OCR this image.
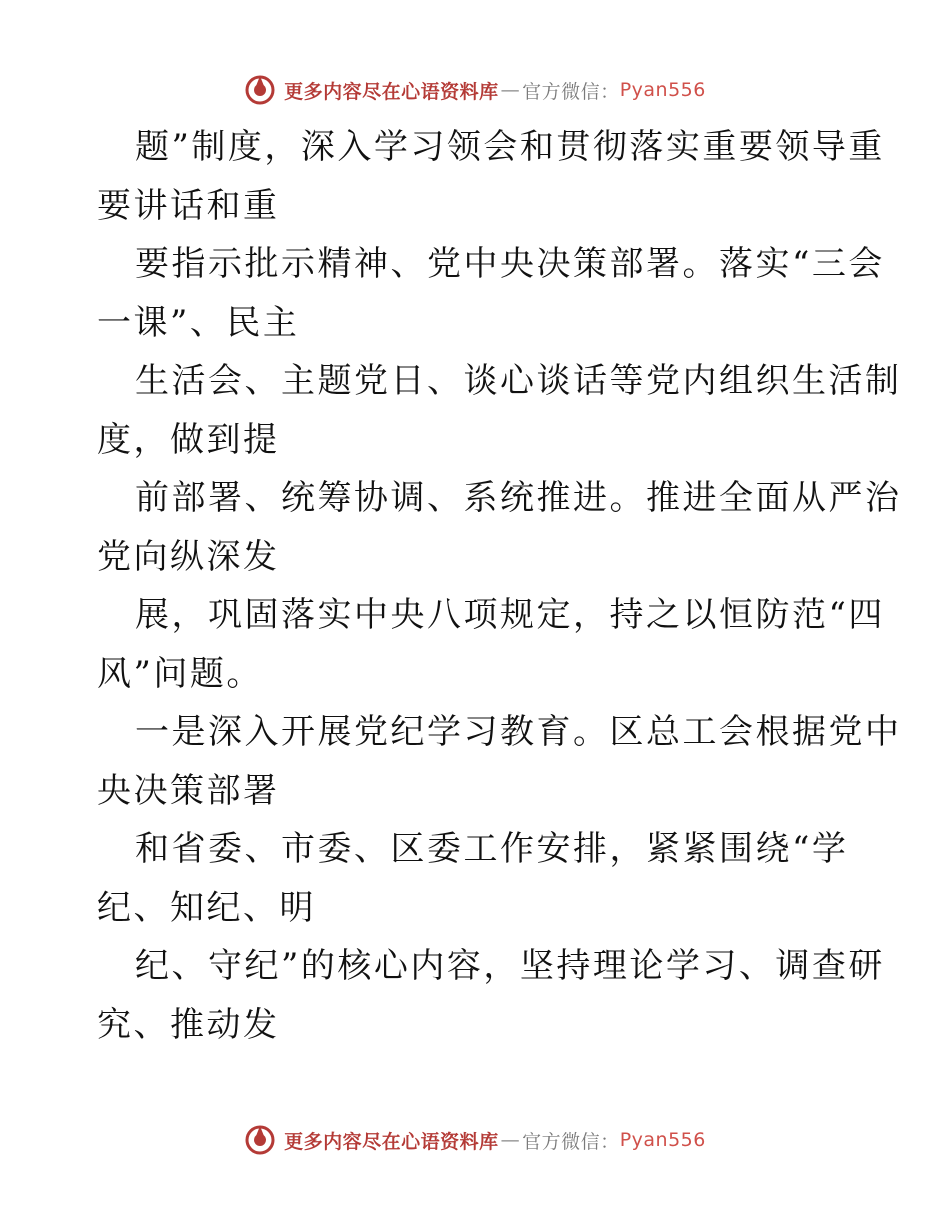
更多内容尽在心语资料库 — 官方微信： Pyan556

题”制度，深入学习领会和贯彻落实重要领导重
要讲话和重

要指示批示精神、党中央决策部署。落实“三会
一课”、民主

生活会、主题党日、谈心谈话等党内组织生活制
度，做到提

前部署、统筹协调、系统推进。推进全面从严治
党向纵深发

展，巩固落实中央八项规定，持之以恒防范“四
风”问题。

一是深入开展党纪学习教育。区总工会根据党中
央决策部署

和省委、市委、区委工作安排，紧紧围绕“学
纪、知纪、明

纪、守纪”的核心内容，坚持理论学习、调查研
究、推动发

更多内容尽在心语资料库 — 官方微信： Pyan556
